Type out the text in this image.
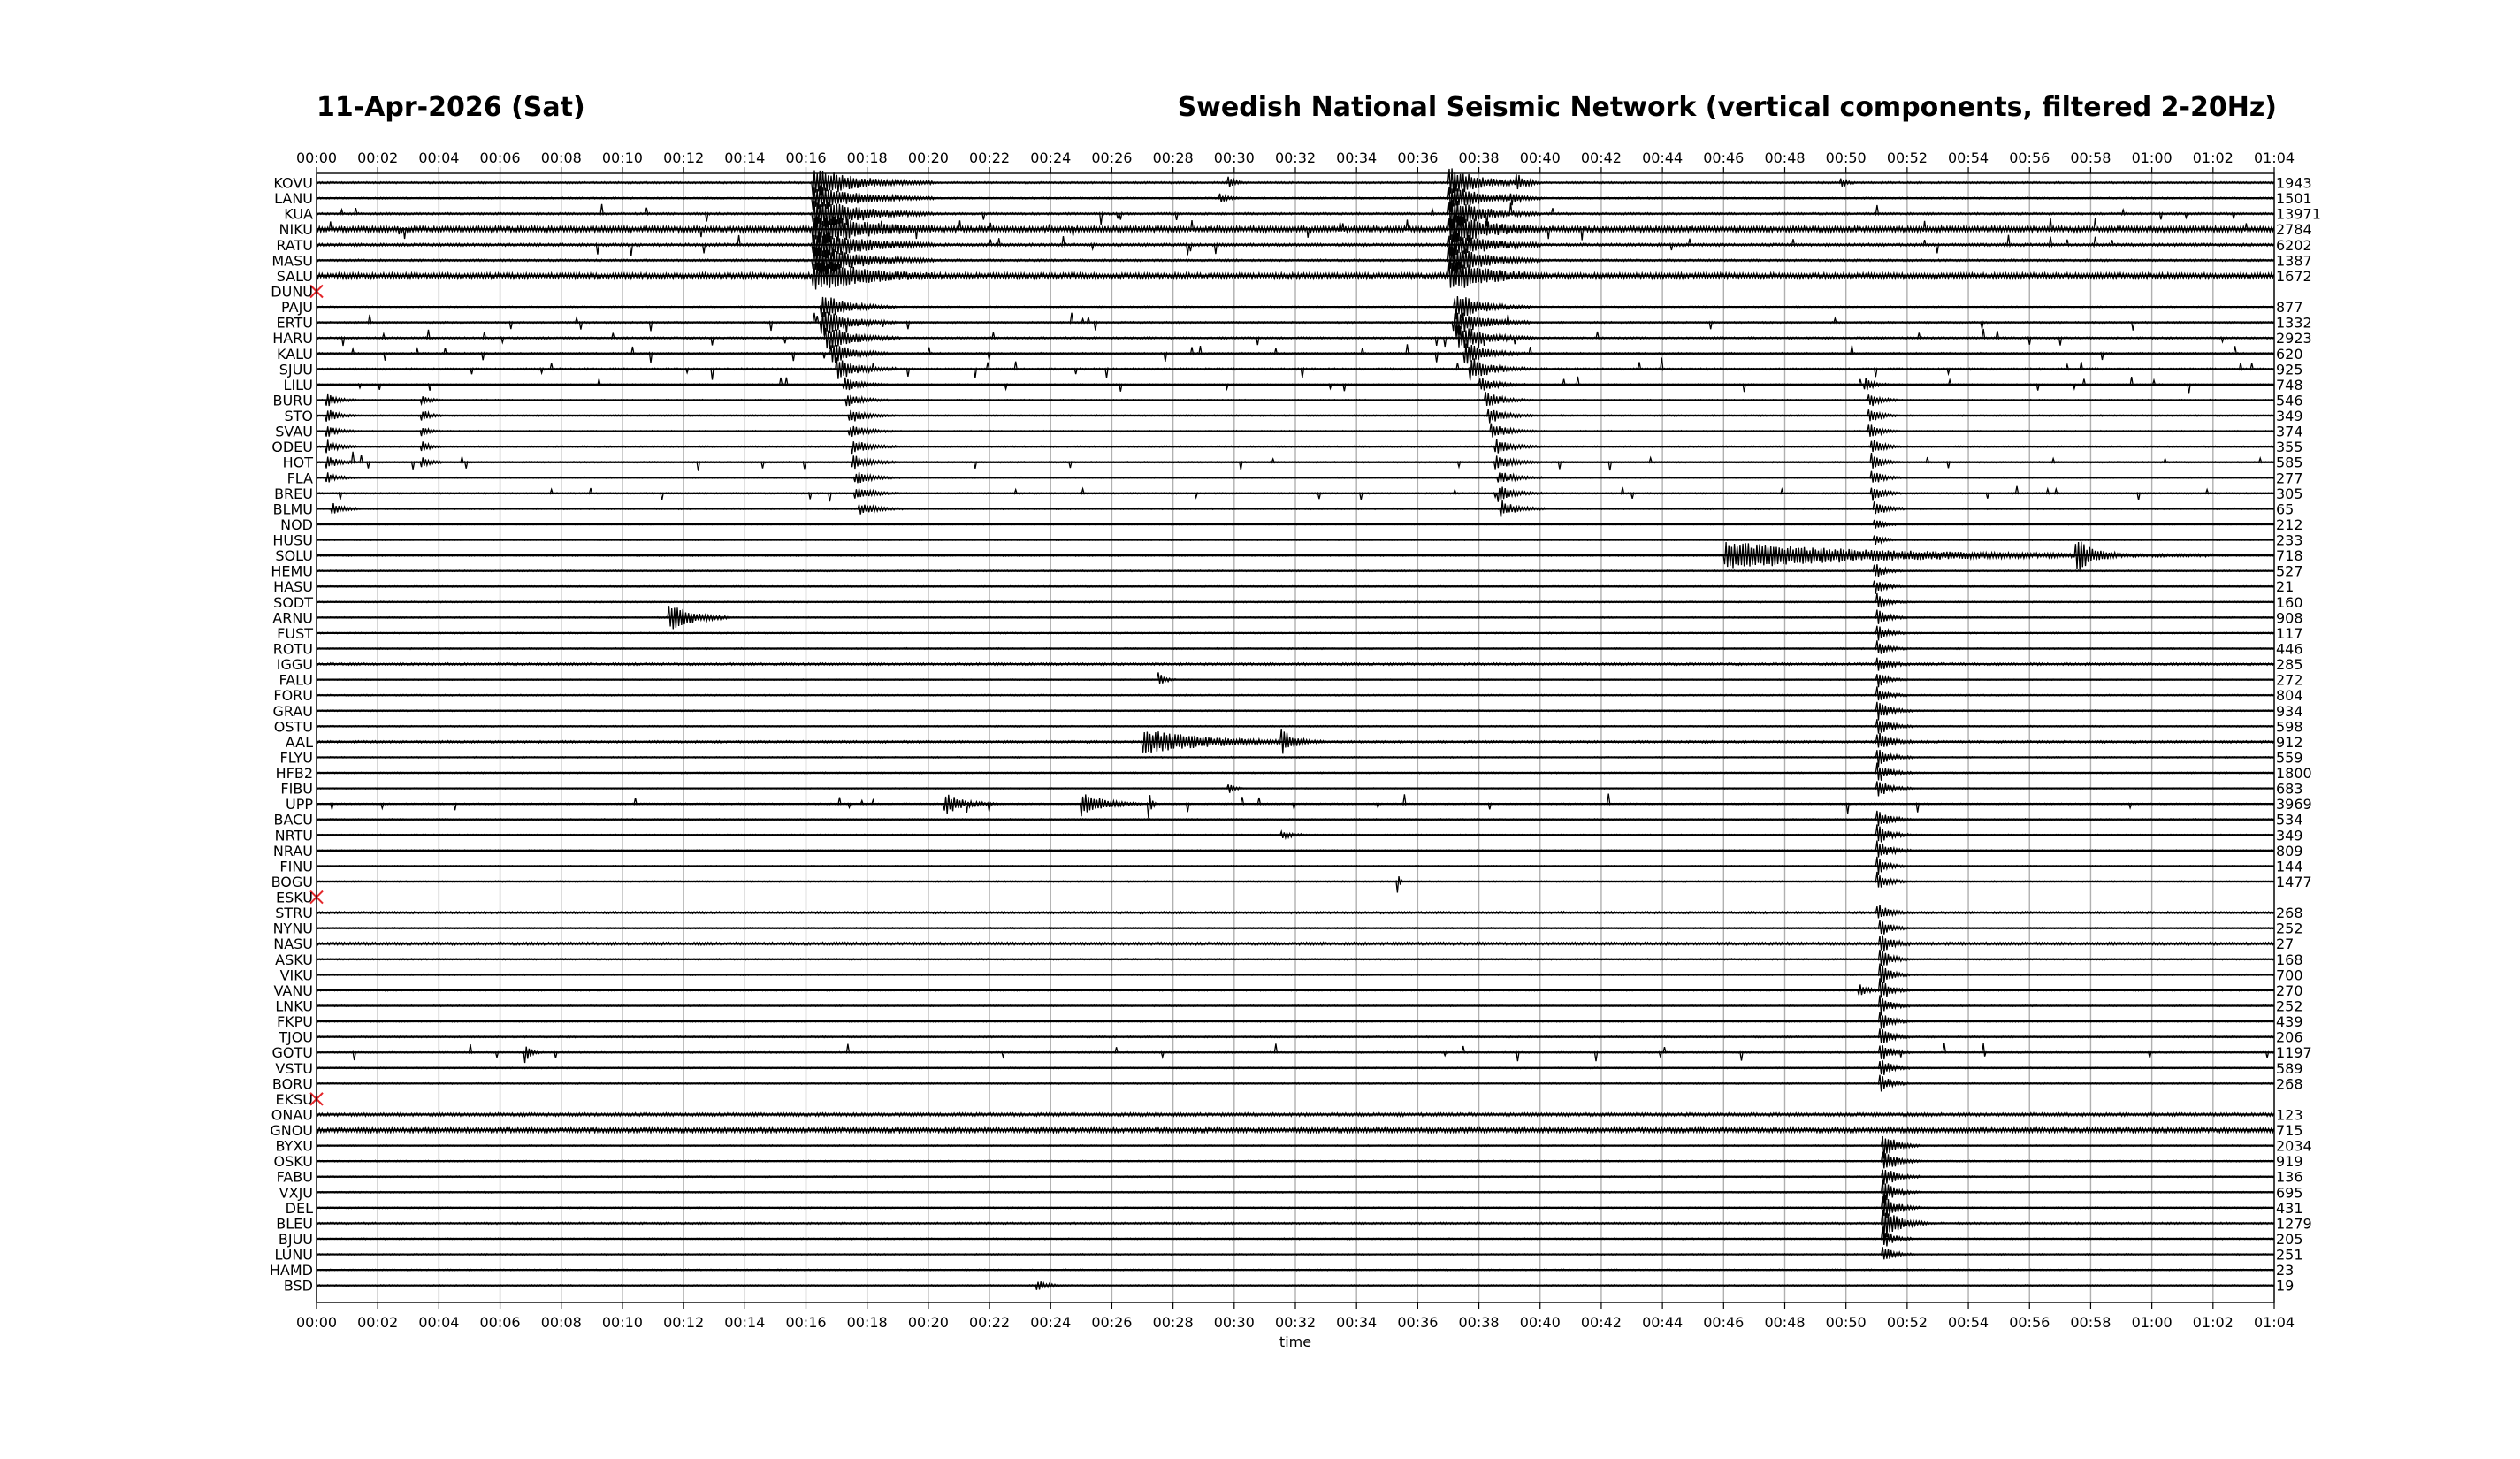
11-Apr-2026 (Sat)	Swedish National Seismic Network (vertical components, filtered 2-20Hz)
00:00 00:02 00:04 00:06 00:08 00:10 00:12 00:14 00:16 00:18 00:20 00:22 00:24 00:26 00:28 00:30 00:32 00:34 00:36 00:38 00:40 00:42 00:44 00:46 00:48 00:50 00:52 00:54 00:56 00:58 01:00 01:02 01:04
00:00 00:02 00:04 00:06 00:08 00:10 00:12 00:14 00:16 00:18 00:20 00:22 00:24 00:26 00:28 00:30 00:32 00:34 00:36 00:38 00:40 00:42 00:44 00:46 00:48 00:50 00:52 00:54 00:56 00:58 01:00 01:02 01:04
KOVU
LANU
KUA
NIKU
RATU
MASU
SALU
DUNU
PAJU
ERTU
HARU
KALU
SJUU
LILU
BURU
STO
SVAU
ODEU
HOT
FLA
BREU
BLMU
NOD
HUSU
SOLU
HEMU
HASU
SODT
ARNU
FUST
ROTU
IGGU
FALU
FORU
GRAU
OSTU
AAL
FLYU
HFB2
FIBU
UPP
BACU
NRTU
NRAU
FINU
BOGU
ESKU
STRU
NYNU
NASU
ASKU
VIKU
VANU
LNKU
FKPU
TJOU
GOTU
VSTU
BORU
EKSU
ONAU
GNOU
BYXU
OSKU
FABU
VXJU
DEL
BLEU
BJUU
LUNU
HAMD
BSD
1943
1501
13971
2784
6202
1387
1672
877
1332
2923
620
925
748
546
349
374
355
585
277
305
65
212
233
718
527
21
160
908
117
446
285
272
804
934
598
912
559
1800
683
3969
534
349
809
144
1477
268
252
27
168
700
270
252
439
206
1197
589
268
123
715
2034
919
136
695
431
1279
205
251
23
19
time
